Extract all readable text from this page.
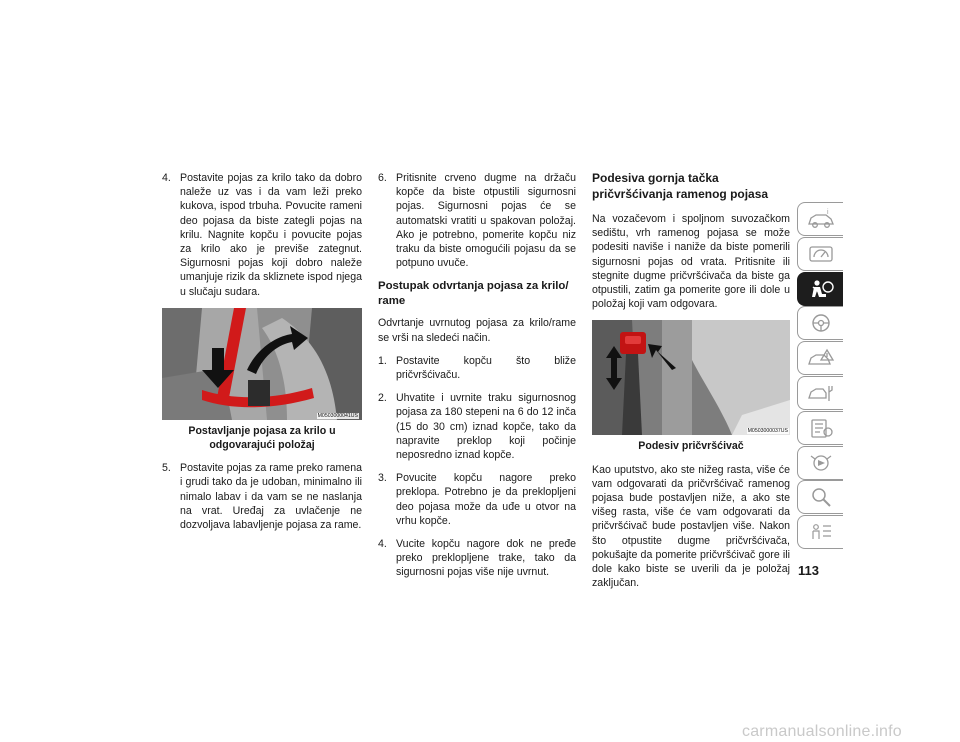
4. Postavite pojas za krilo tako da dobro naleže uz vas i da vam leži preko kukova, ispod trbuha. Povucite rameni deo pojasa da biste zategli pojas na krilu. Nagnite kopču i povucite pojas za krilo ako je previše zategnut. Sigurnosni pojas koji dobro naleže umanjuje rizik da skliznete ispod njega u slučaju sudara.
M0503000041US
Postavljanje pojasa za krilo u odgovarajući položaj
5. Postavite pojas za rame preko ramena i grudi tako da je udoban, minimalno ili nimalo labav i da vam se ne naslanja na vrat. Uređaj za uvlačenje ne dozvoljava labavljenje pojasa za rame.
6. Pritisnite crveno dugme na držaču kopče da biste otpustili sigurnosni pojas. Sigurnosni pojas će se automatski vratiti u spakovan položaj. Ako je potrebno, pomerite kopču niz traku da biste omogućili pojasu da se potpuno uvuče.
Postupak odvrtanja pojasa za krilo/ rame
Odvrtanje uvrnutog pojasa za krilo/rame se vrši na sledeći način.
1. Postavite kopču što bliže pričvršćivaču.
2. Uhvatite i uvrnite traku sigurnosnog pojasa za 180 stepeni na 6 do 12 inča (15 do 30 cm) iznad kopče, tako da napravite preklop koji počinje neposredno iznad kopče.
3. Povucite kopču nagore preko preklopa. Potrebno je da preklopljeni deo pojasa može da uđe u otvor na vrhu kopče.
4. Vucite kopču nagore dok ne pređe preko preklopljene trake, tako da sigurnosni pojas više nije uvrnut.
Podesiva gornja tačka pričvršćivanja ramenog pojasa
Na vozačevom i spoljnom suvozačkom sedištu, vrh ramenog pojasa se može podesiti naviše i naniže da biste pomerili sigurnosni pojas od vrata. Pritisnite ili stegnite dugme pričvršćivača da biste ga otpustili, zatim ga pomerite gore ili dole u položaj koji vam odgovara.
M0503000037US
Podesiv pričvršćivač
Kao uputstvo, ako ste nižeg rasta, više će vam odgovarati da pričvršćivač ramenog pojasa bude postavljen niže, a ako ste višeg rasta, više će vam odgovarati da pričvršćivač bude postavljen više. Nakon što otpustite dugme pričvršćivača, pokušajte da pomerite pričvršćivač gore ili dole kako biste se uverili da je položaj zaključan.
i
113
carmanualsonline.info
